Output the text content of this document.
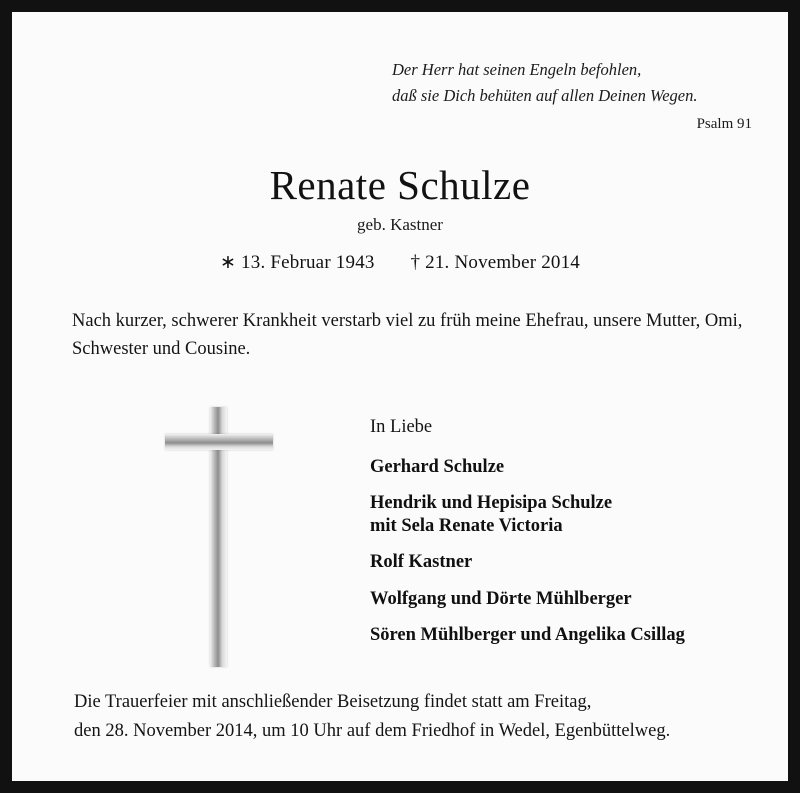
Der Herr hat seinen Engeln befohlen,
daß sie Dich behüten auf allen Deinen Wegen.
Psalm 91
Renate Schulze
geb. Kastner
∗ 13. Februar 1943 † 21. November 2014
Nach kurzer, schwerer Krankheit verstarb viel zu früh meine Ehefrau, unsere Mutter, Omi, Schwester und Cousine.
In Liebe
Gerhard Schulze
Hendrik und Hepisipa Schulze
mit Sela Renate Victoria
Rolf Kastner
Wolfgang und Dörte Mühlberger
Sören Mühlberger und Angelika Csillag
Die Trauerfeier mit anschließender Beisetzung findet statt am Freitag,
den 28. November 2014, um 10 Uhr auf dem Friedhof in Wedel, Egenbüttelweg.
